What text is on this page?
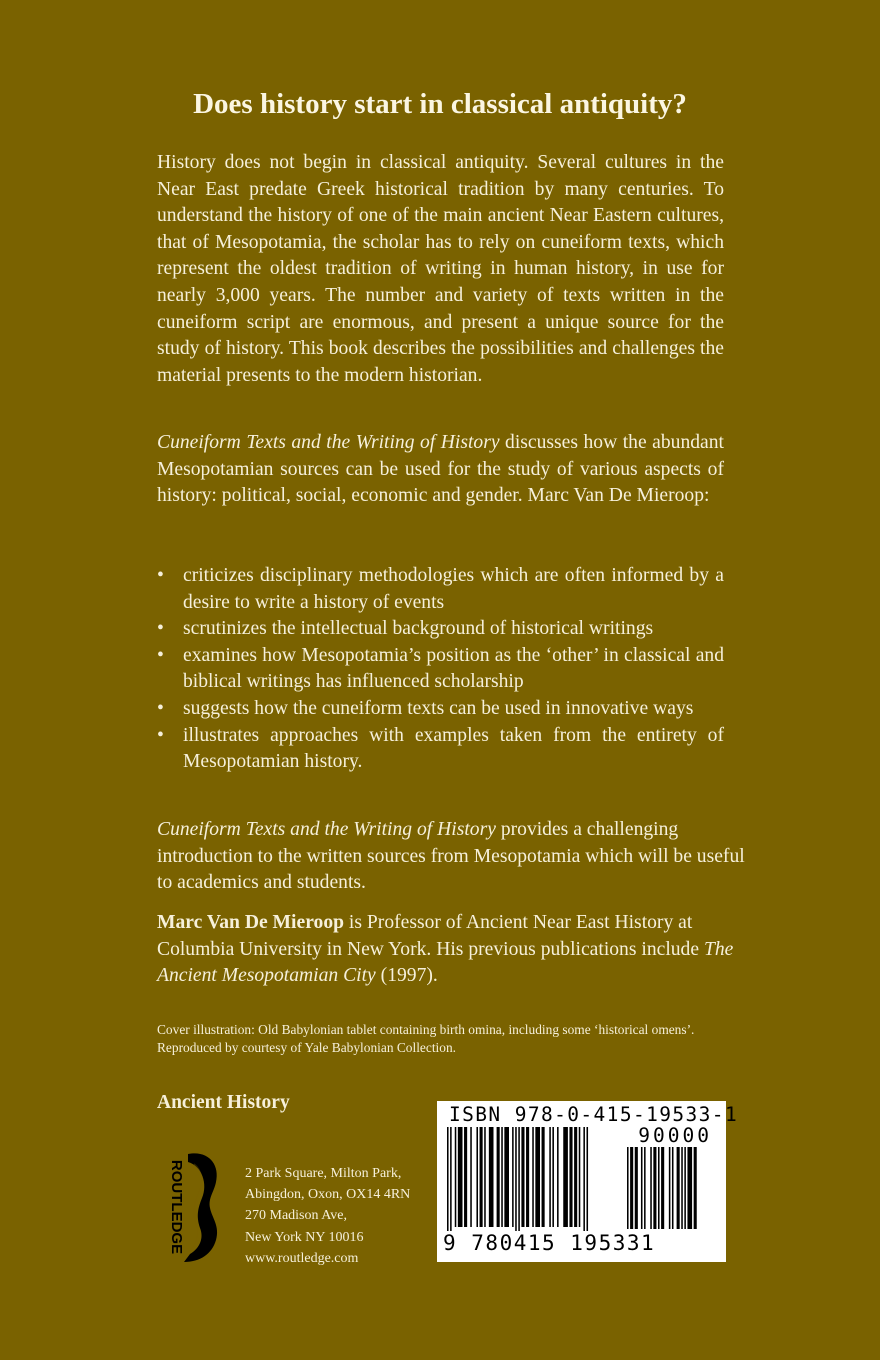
Does history start in classical antiquity?

History does not begin in classical antiquity. Several cultures in the Near East predate Greek historical tradition by many centuries. To understand the history of one of the main ancient Near Eastern cultures, that of Mesopotamia, the scholar has to rely on cuneiform texts, which represent the oldest tradition of writing in human history, in use for nearly 3,000 years. The number and variety of texts written in the cuneiform script are enormous, and present a unique source for the study of history. This book describes the possibilities and challenges the material presents to the modern historian.

Cuneiform Texts and the Writing of History discusses how the abundant Mesopotamian sources can be used for the study of various aspects of history: political, social, economic and gender. Marc Van De Mieroop:

• criticizes disciplinary methodologies which are often informed by a desire to write a history of events
• scrutinizes the intellectual background of historical writings
• examines how Mesopotamia’s position as the ‘other’ in classical and biblical writings has influenced scholarship
• suggests how the cuneiform texts can be used in innovative ways
• illustrates approaches with examples taken from the entirety of Mesopotamian history.

Cuneiform Texts and the Writing of History provides a challenging introduction to the written sources from Mesopotamia which will be useful to academics and students.

Marc Van De Mieroop is Professor of Ancient Near East History at Columbia University in New York. His previous publications include The Ancient Mesopotamian City (1997).

Cover illustration: Old Babylonian tablet containing birth omina, including some ‘historical omens’. Reproduced by courtesy of Yale Babylonian Collection.

Ancient History
ROUTLEDGE	2 Park Square, Milton Park,
Abingdon, Oxon, OX14 4RN
270 Madison Ave,
New York NY 10016
www.routledge.com
ISBN 978-0-415-19533-1
90000
9 780415 195331
